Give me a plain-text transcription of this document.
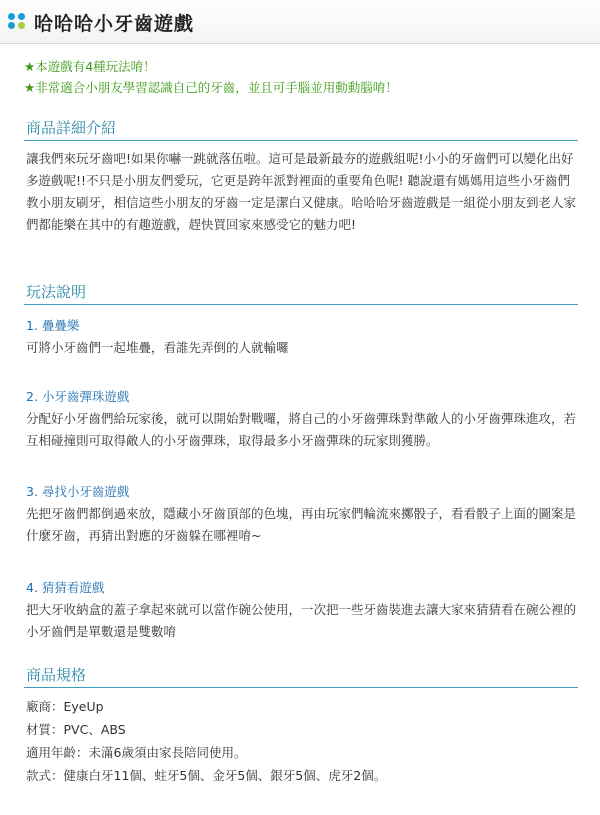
哈哈哈小牙齒遊戲
★本遊戲有4種玩法唷！
★非常適合小朋友學習認識自己的牙齒，並且可手腦並用動動腦唷！
商品詳細介紹

讓我們來玩牙齒吧!如果你嚇一跳就落伍啦。這可是最新最夯的遊戲組呢!小小的牙齒們可以變化出好多遊戲呢!!不只是小朋友們愛玩，它更是跨年派對裡面的重要角色呢! 聽說還有媽媽用這些小牙齒們教小朋友刷牙，相信這些小朋友的牙齒一定是潔白又健康。哈哈哈牙齒遊戲是一組從小朋友到老人家們都能樂在其中的有趣遊戲，趕快買回家來感受它的魅力吧!

玩法說明
1. 疊疊樂

可將小牙齒們一起堆疊，看誰先弄倒的人就輸囉

2. 小牙齒彈珠遊戲

分配好小牙齒們給玩家後，就可以開始對戰囉，將自己的小牙齒彈珠對準敵人的小牙齒彈珠進攻，若互相碰撞則可取得敵人的小牙齒彈珠，取得最多小牙齒彈珠的玩家則獲勝。

3. 尋找小牙齒遊戲

先把牙齒們都倒過來放，隱藏小牙齒頂部的色塊，再由玩家們輪流來擲骰子，看看骰子上面的圖案是什麼牙齒，再猜出對應的牙齒躲在哪裡唷~

4. 猜猜看遊戲

把大牙收納盒的蓋子拿起來就可以當作碗公使用，一次把一些牙齒裝進去讓大家來猜猜看在碗公裡的小牙齒們是單數還是雙數唷

商品規格
廠商：EyeUp
材質：PVC、ABS
適用年齡：未滿6歲須由家長陪同使用。
款式：健康白牙11個、蛀牙5個、金牙5個、銀牙5個、虎牙2個。
